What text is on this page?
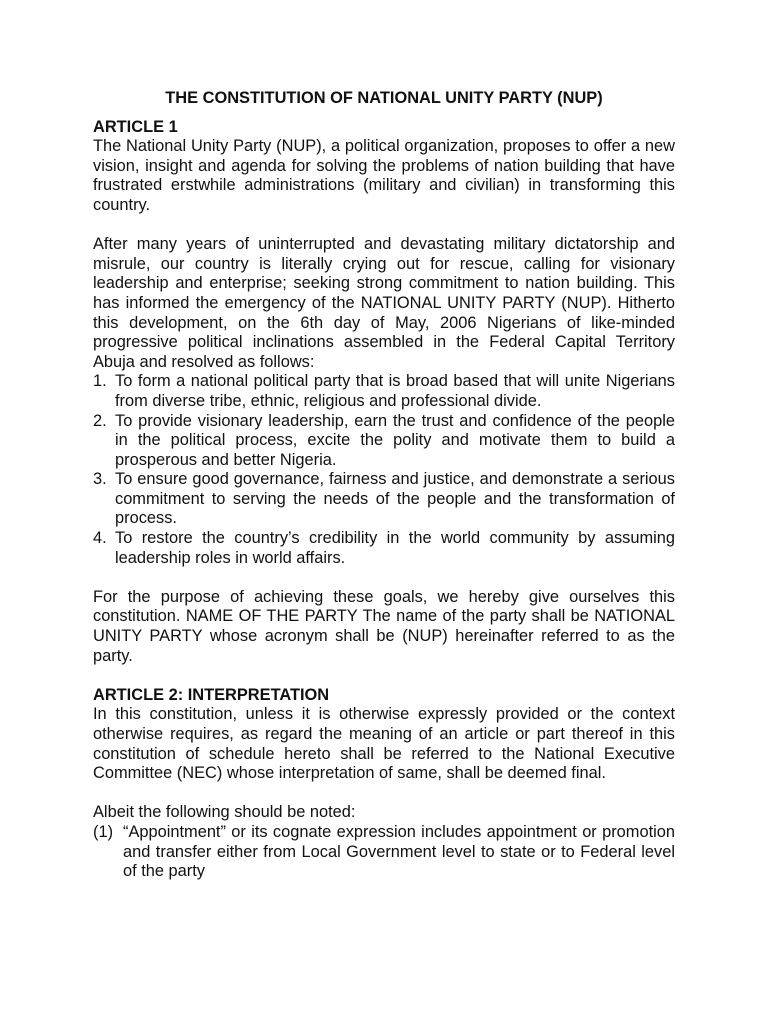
THE CONSTITUTION OF NATIONAL UNITY PARTY (NUP)

ARTICLE 1

The National Unity Party (NUP), a political organization, proposes to offer a new vision, insight and agenda for solving the problems of nation building that have frustrated erstwhile administrations (military and civilian) in transforming this country.

After many years of uninterrupted and devastating military dictatorship and misrule, our country is literally crying out for rescue, calling for visionary leadership and enterprise; seeking strong commitment to nation building. This has informed the emergency of the NATIONAL UNITY PARTY (NUP). Hitherto this development, on the 6th day of May, 2006 Nigerians of like-minded progressive political inclinations assembled in the Federal Capital Territory Abuja and resolved as follows:

1. To form a national political party that is broad based that will unite Nigerians from diverse tribe, ethnic, religious and professional divide.
2. To provide visionary leadership, earn the trust and confidence of the people in the political process, excite the polity and motivate them to build a prosperous and better Nigeria.
3. To ensure good governance, fairness and justice, and demonstrate a serious commitment to serving the needs of the people and the transformation of process.
4. To restore the country’s credibility in the world community by assuming leadership roles in world affairs.

For the purpose of achieving these goals, we hereby give ourselves this constitution. NAME OF THE PARTY The name of the party shall be NATIONAL UNITY PARTY whose acronym shall be (NUP) hereinafter referred to as the party.

ARTICLE 2: INTERPRETATION

In this constitution, unless it is otherwise expressly provided or the context otherwise requires, as regard the meaning of an article or part thereof in this constitution of schedule hereto shall be referred to the National Executive Committee (NEC) whose interpretation of same, shall be deemed final.

Albeit the following should be noted:

(1) “Appointment” or its cognate expression includes appointment or promotion and transfer either from Local Government level to state or to Federal level of the party
